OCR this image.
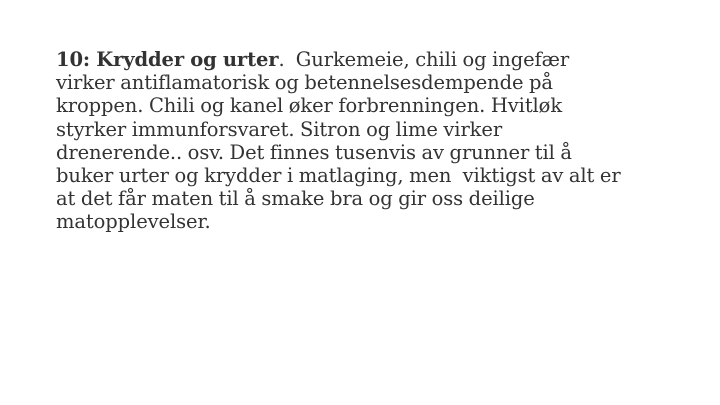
10: Krydder og urter.  Gurkemeie, chili og ingefær
virker antiflamatorisk og betennelsesdempende på
kroppen. Chili og kanel øker forbrenningen. Hvitløk
styrker immunforsvaret. Sitron og lime virker
drenerende.. osv. Det finnes tusenvis av grunner til å
buker urter og krydder i matlaging, men  viktigst av alt er
at det får maten til å smake bra og gir oss deilige
matopplevelser.
